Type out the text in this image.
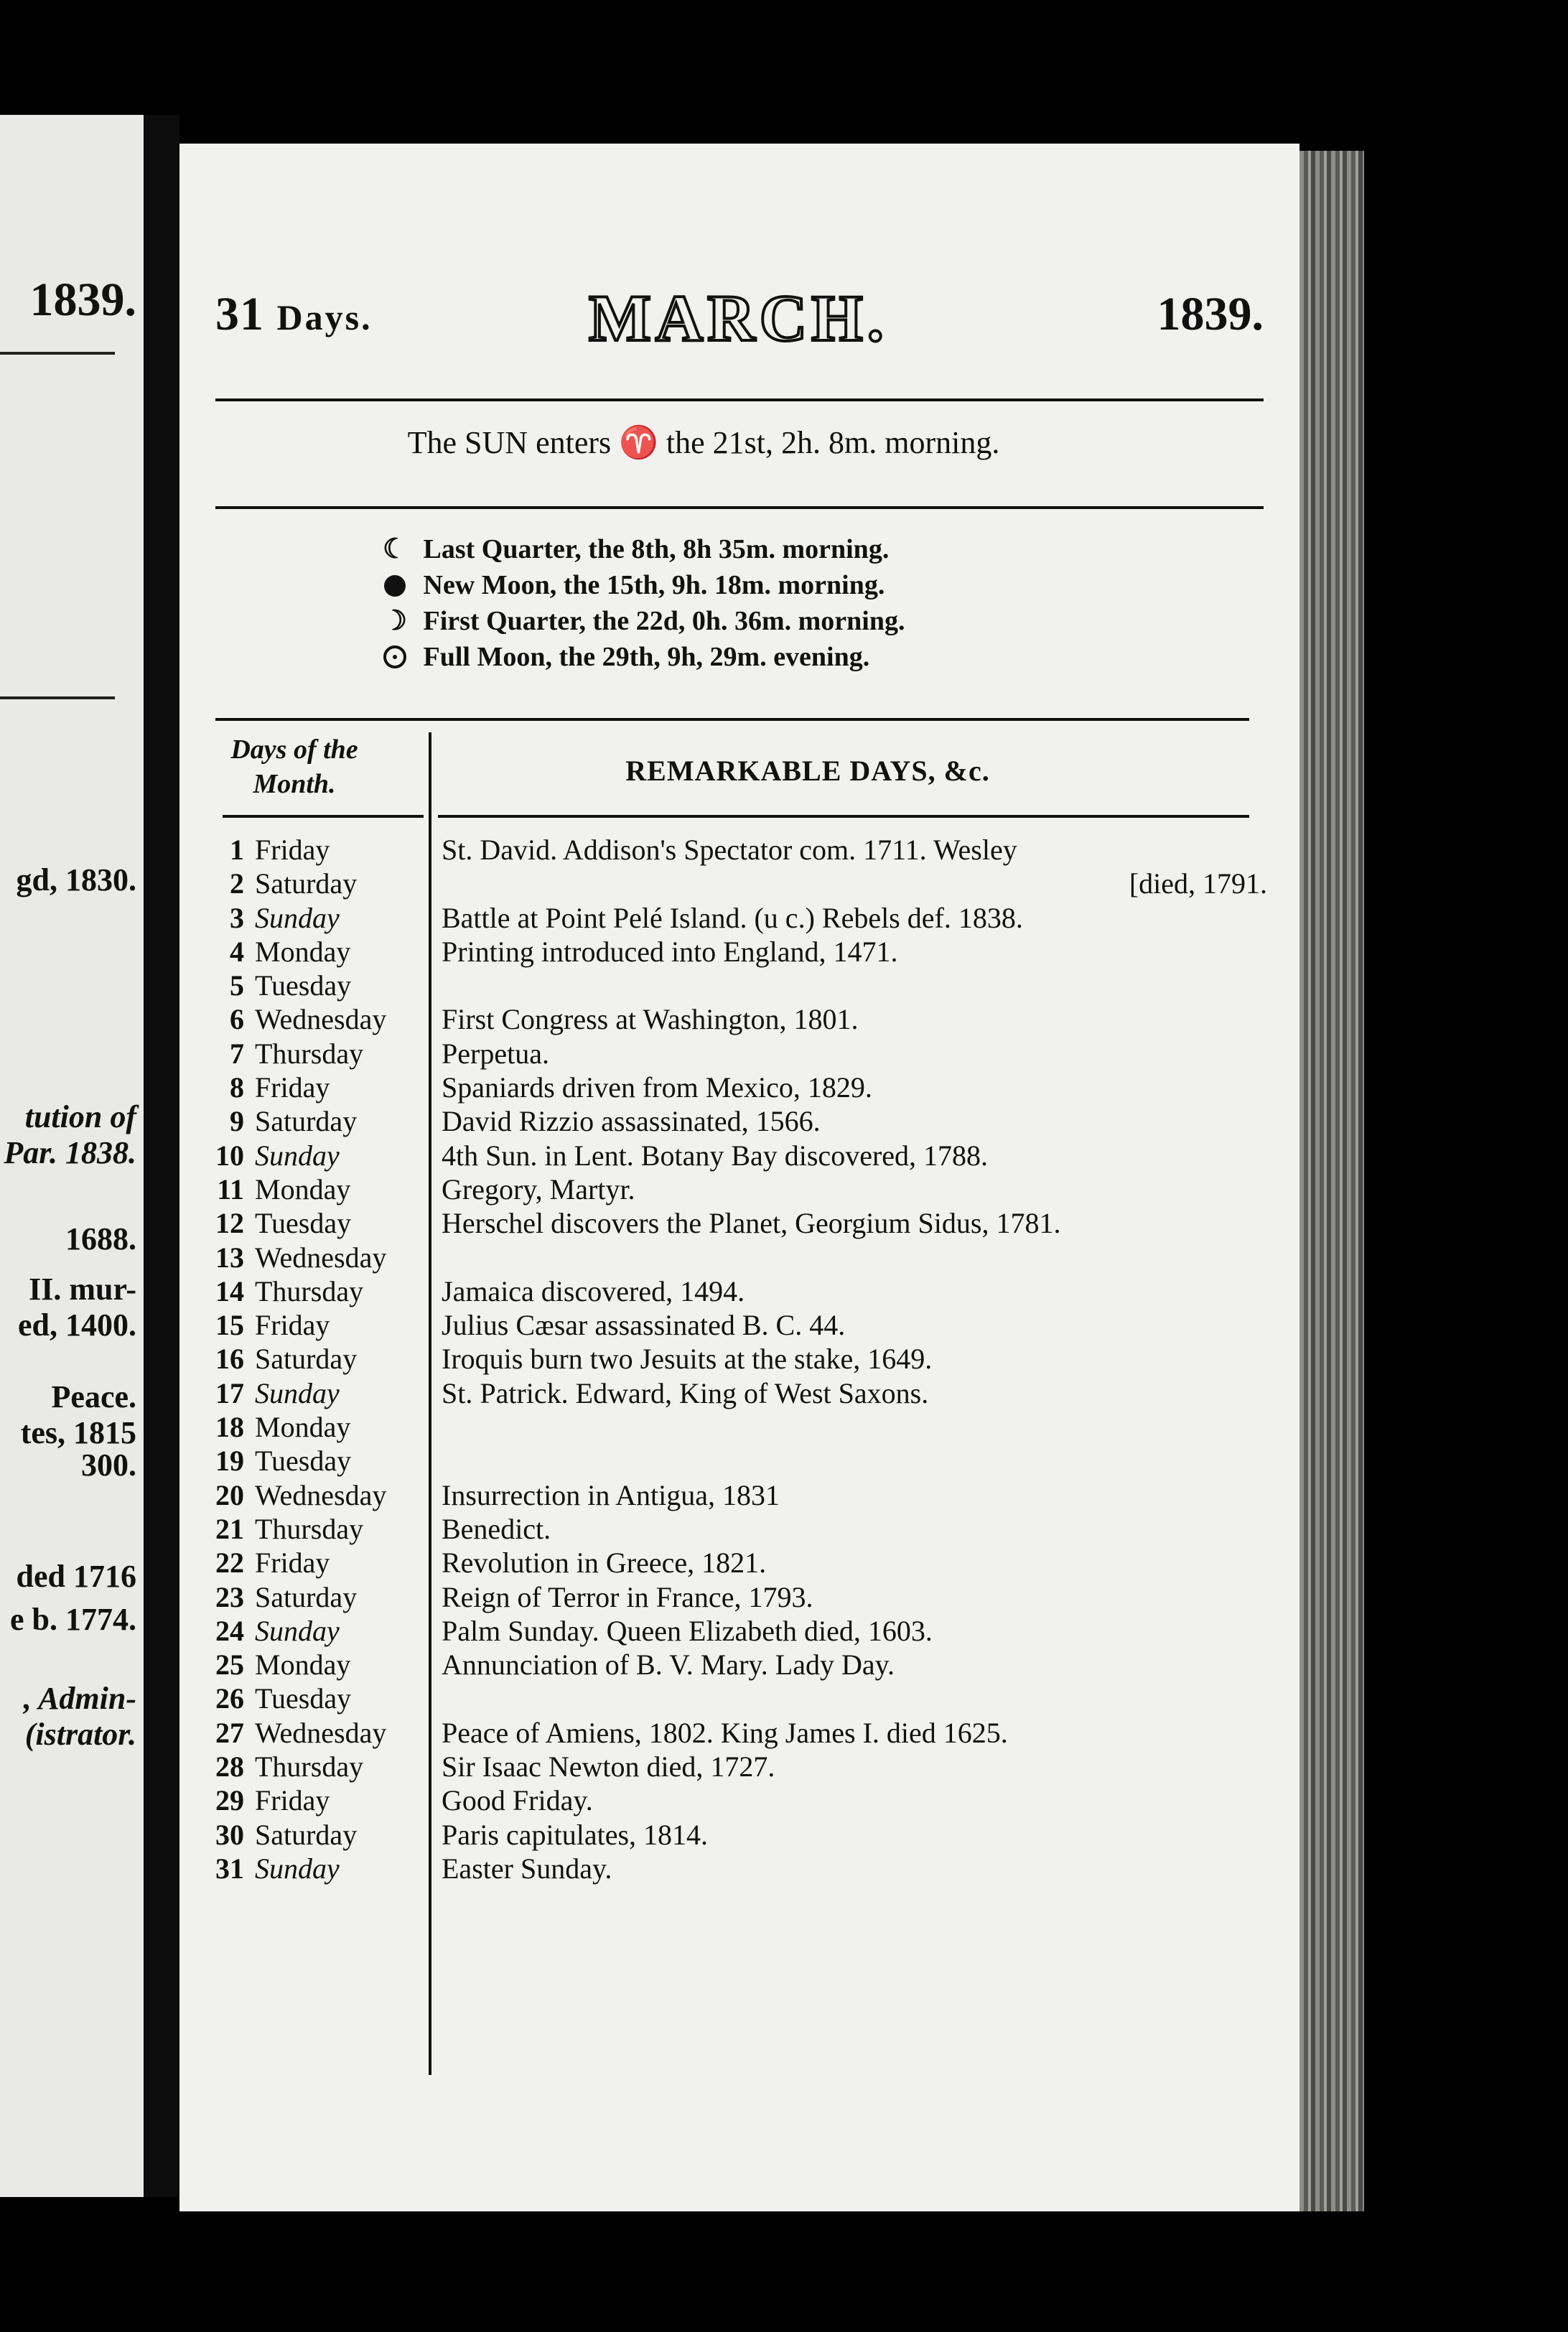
1839.
gd, 1830.
tution of
Par. 1838.
1688.
II. mur-
ed, 1400.
Peace.
tes, 1815
300.
ded 1716
e b. 1774.
, Admin-
(istrator.
31 Days.	MARCH.	1839.
The SUN enters ♈ the 21st, 2h. 8m. morning.
☾ Last Quarter, the 8th, 8h 35m. morning.
New Moon, the 15th, 9h. 18m. morning.
☽ First Quarter, the 22d, 0h. 36m. morning.
Full Moon, the 29th, 9h, 29m. evening.
Days of the
Month.	REMARKABLE DAYS, &c.
1 Friday	St. David. Addison's Spectator com. 1711. Wesley
2 Saturday	[died, 1791.
3 Sunday	Battle at Point Pelé Island. (u c.) Rebels def. 1838.
4 Monday	Printing introduced into England, 1471.
5 Tuesday
6 Wednesday First Congress at Washington, 1801.
7 Thursday	Perpetua.
8 Friday	Spaniards driven from Mexico, 1829.
9 Saturday	David Rizzio assassinated, 1566.
10 Sunday	4th Sun. in Lent. Botany Bay discovered, 1788.
11 Monday	Gregory, Martyr.
12 Tuesday	Herschel discovers the Planet, Georgium Sidus, 1781.
13 Wednesday
14 Thursday	Jamaica discovered, 1494.
15 Friday	Julius Cæsar assassinated B. C. 44.
16 Saturday	Iroquis burn two Jesuits at the stake, 1649.
17 Sunday	St. Patrick. Edward, King of West Saxons.
18 Monday
19 Tuesday
20 Wednesday Insurrection in Antigua, 1831
21 Thursday	Benedict.
22 Friday	Revolution in Greece, 1821.
23 Saturday	Reign of Terror in France, 1793.
24 Sunday	Palm Sunday. Queen Elizabeth died, 1603.
25 Monday	Annunciation of B. V. Mary. Lady Day.
26 Tuesday
27 Wednesday Peace of Amiens, 1802. King James I. died 1625.
28 Thursday	Sir Isaac Newton died, 1727.
29 Friday	Good Friday.
30 Saturday	Paris capitulates, 1814.
31 Sunday	Easter Sunday.
